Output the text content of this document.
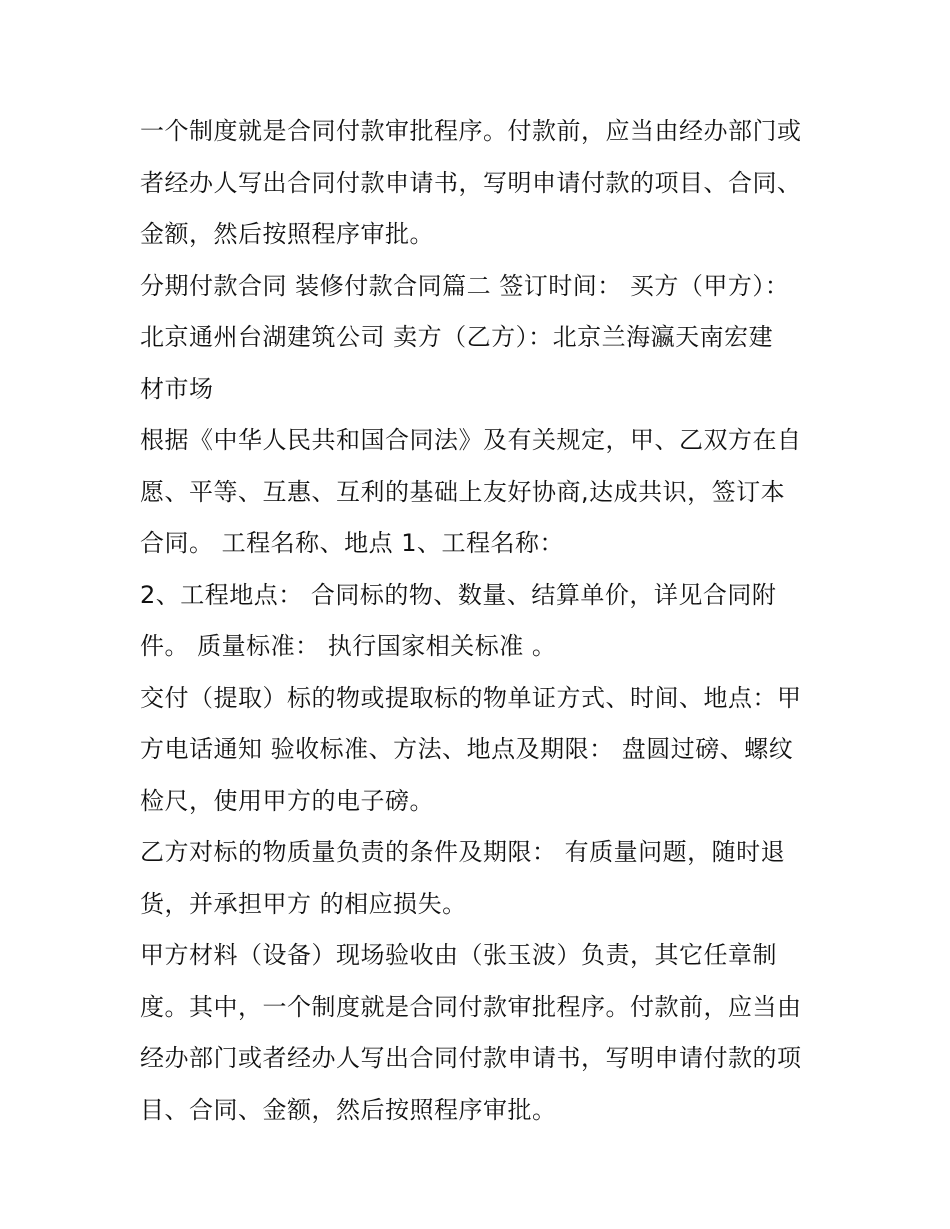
一个制度就是合同付款审批程序。付款前，应当由经办部门或
者经办人写出合同付款申请书，写明申请付款的项目、合同、
金额，然后按照程序审批。
分期付款合同 装修付款合同篇二 签订时间： 买方（甲方）：
北京通州台湖建筑公司 卖方（乙方）：北京兰海瀛天南宏建
材市场
根据《中华人民共和国合同法》及有关规定，甲、乙双方在自
愿、平等、互惠、互利的基础上友好协商,达成共识，签订本
合同。 工程名称、地点 1、工程名称：
2、工程地点： 合同标的物、数量、结算单价，详见合同附
件。 质量标准： 执行国家相关标准 。
交付（提取）标的物或提取标的物单证方式、时间、地点：甲
方电话通知 验收标准、方法、地点及期限： 盘圆过磅、螺纹
检尺，使用甲方的电子磅。
乙方对标的物质量负责的条件及期限： 有质量问题，随时退
货，并承担甲方 的相应损失。
甲方材料（设备）现场验收由（张玉波）负责，其它任章制
度。其中，一个制度就是合同付款审批程序。付款前，应当由
经办部门或者经办人写出合同付款申请书，写明申请付款的项
目、合同、金额，然后按照程序审批。
